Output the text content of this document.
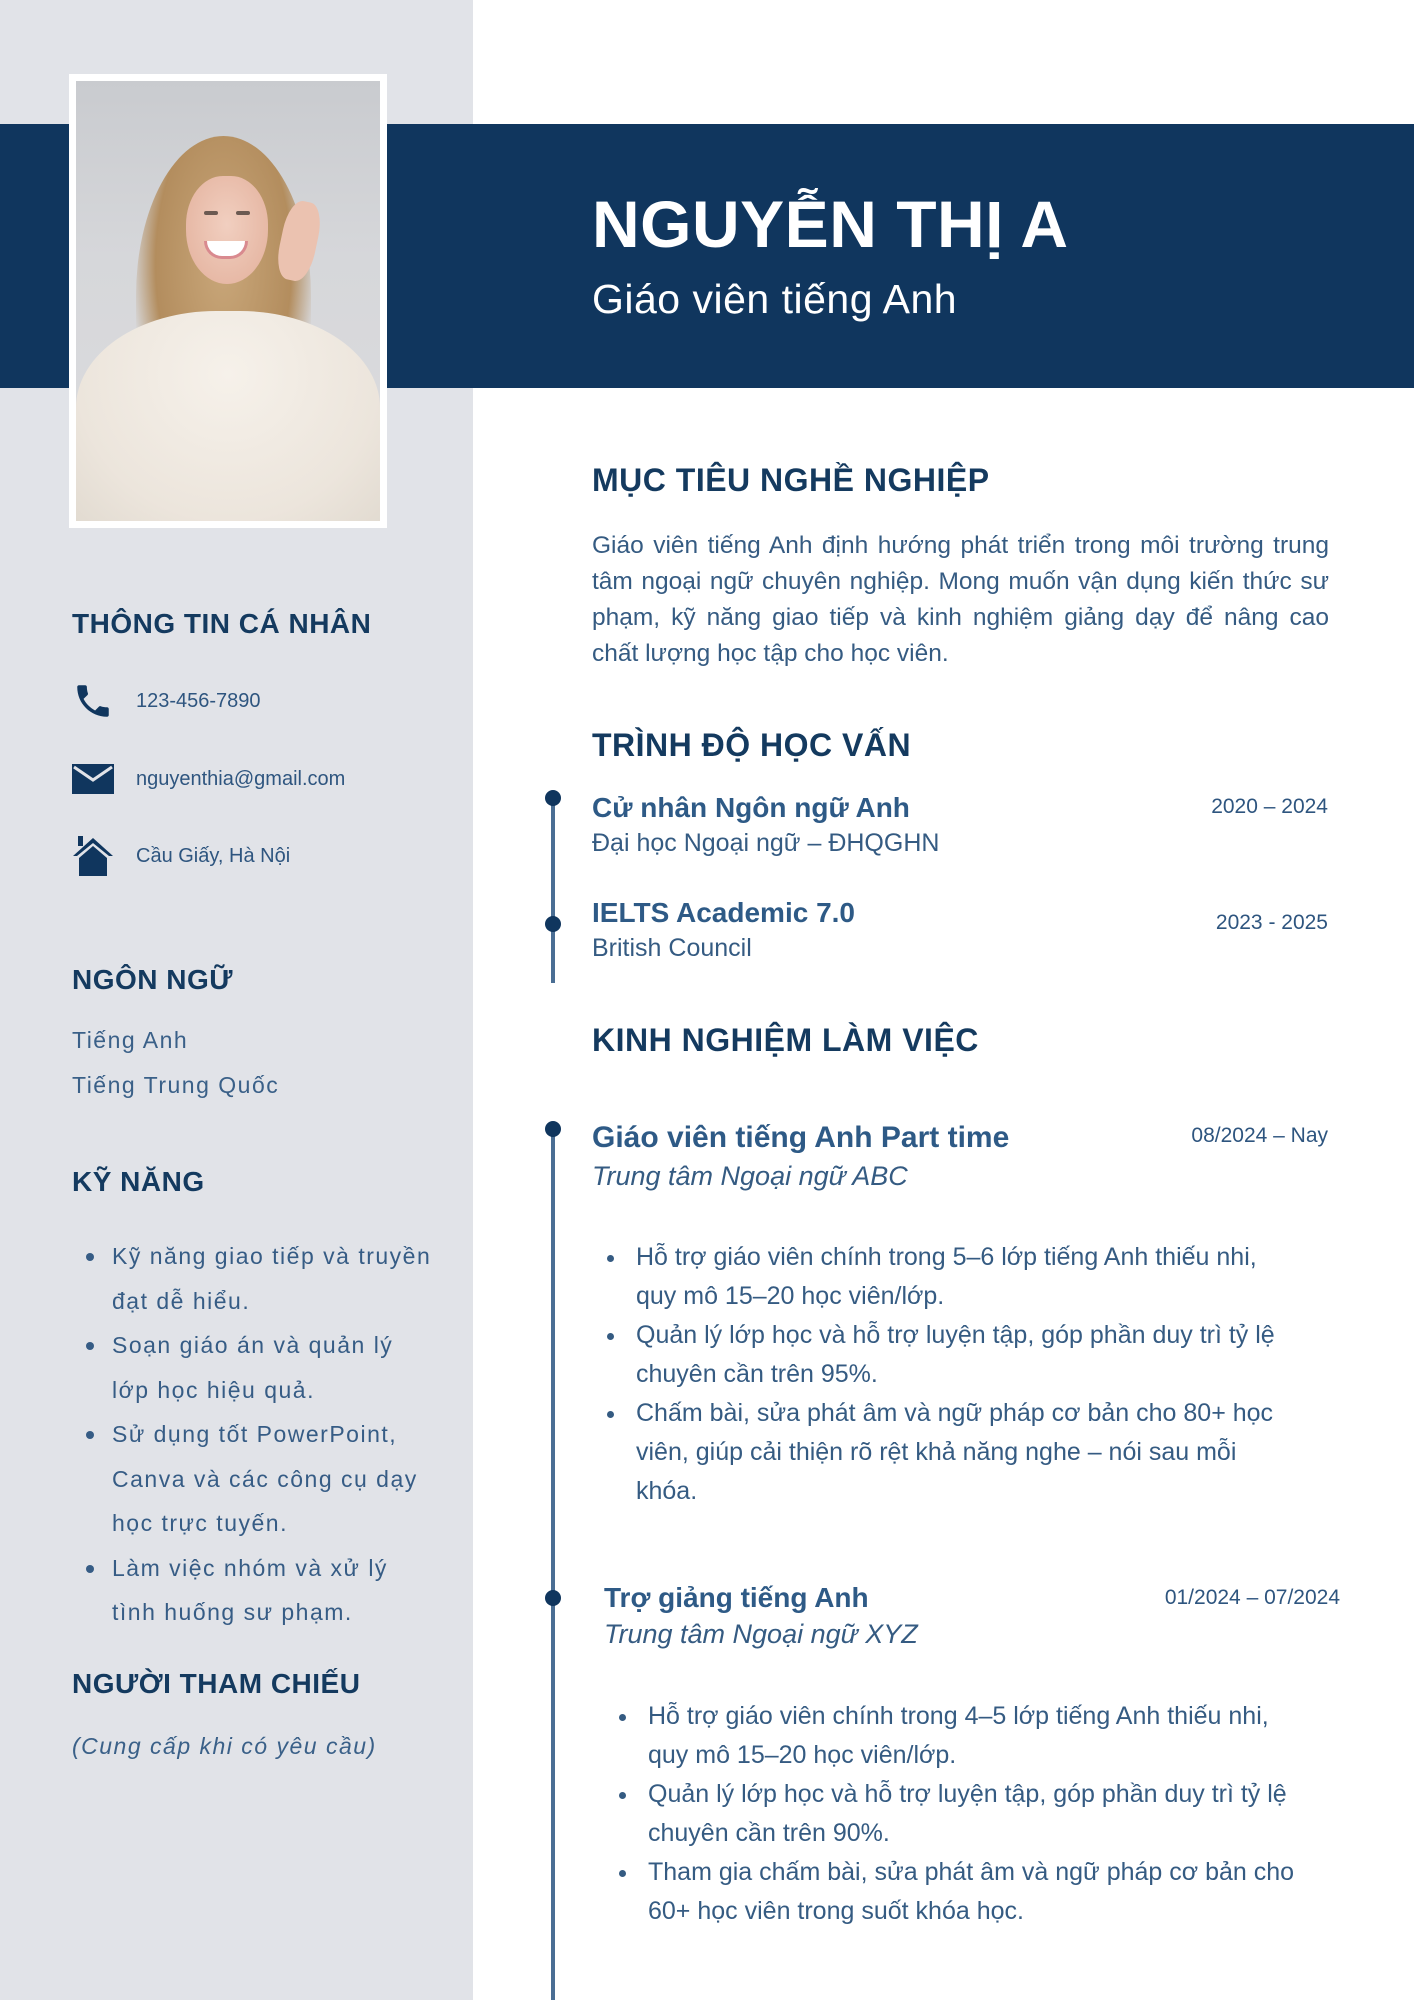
NGUYỄN THỊ A
Giáo viên tiếng Anh
THÔNG TIN CÁ NHÂN
123-456-7890
nguyenthia@gmail.com
Cầu Giấy, Hà Nội
NGÔN NGỮ
Tiếng Anh
Tiếng Trung Quốc
KỸ NĂNG
Kỹ năng giao tiếp và truyền đạt dễ hiểu.
Soạn giáo án và quản lý lớp học hiệu quả.
Sử dụng tốt PowerPoint, Canva và các công cụ dạy học trực tuyến.
Làm việc nhóm và xử lý tình huống sư phạm.
NGƯỜI THAM CHIẾU
(Cung cấp khi có yêu cầu)
MỤC TIÊU NGHỀ NGHIỆP
Giáo viên tiếng Anh định hướng phát triển trong môi trường trung tâm ngoại ngữ chuyên nghiệp. Mong muốn vận dụng kiến thức sư phạm, kỹ năng giao tiếp và kinh nghiệm giảng dạy để nâng cao chất lượng học tập cho học viên.
TRÌNH ĐỘ HỌC VẤN
Cử nhân Ngôn ngữ Anh
Đại học Ngoại ngữ – ĐHQGHN
2020 – 2024
IELTS Academic 7.0
British Council
2023 - 2025
KINH NGHIỆM LÀM VIỆC
Giáo viên tiếng Anh Part time
Trung tâm Ngoại ngữ ABC
08/2024 – Nay
Hỗ trợ giáo viên chính trong 5–6 lớp tiếng Anh thiếu nhi, quy mô 15–20 học viên/lớp.
Quản lý lớp học và hỗ trợ luyện tập, góp phần duy trì tỷ lệ chuyên cần trên 95%.
Chấm bài, sửa phát âm và ngữ pháp cơ bản cho 80+ học viên, giúp cải thiện rõ rệt khả năng nghe – nói sau mỗi khóa.
Trợ giảng tiếng Anh
Trung tâm Ngoại ngữ XYZ
01/2024 – 07/2024
Hỗ trợ giáo viên chính trong 4–5 lớp tiếng Anh thiếu nhi, quy mô 15–20 học viên/lớp.
Quản lý lớp học và hỗ trợ luyện tập, góp phần duy trì tỷ lệ chuyên cần trên 90%.
Tham gia chấm bài, sửa phát âm và ngữ pháp cơ bản cho 60+ học viên trong suốt khóa học.
